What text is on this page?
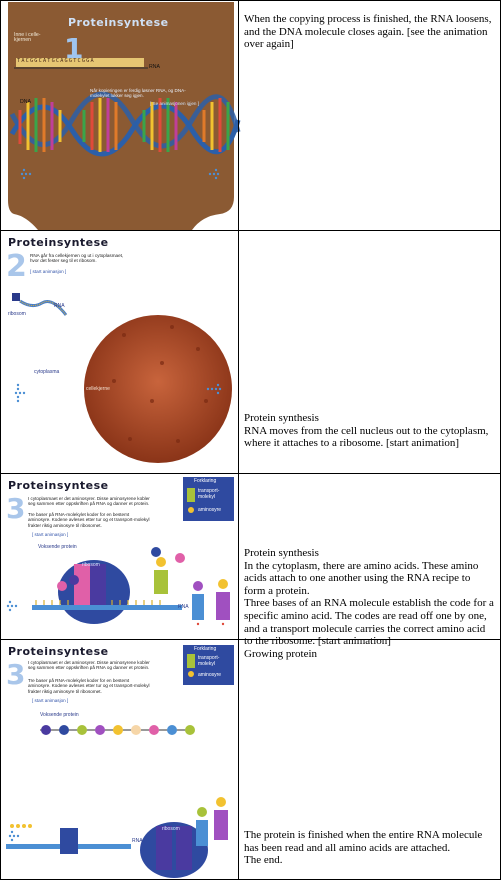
Proteinsyntese
1
Inne i celle-
kjernen
TACGGCATGCAGGTCGGA
RNA
DNA
Når kopieringen er ferdig løsner RNA, og DNA-
molekylet lukker seg igjen.
[ Se animasjonen igjen ]
When the copying process is finished, the RNA loosens, and the DNA molecule closes again. [see the animation over again]
Proteinsyntese
2 RNA går fra cellekjernen og ut i cytoplasmaet,
hvor det fester seg til et ribosom.
[ start animasjon ]
RNA
ribosom
cytoplasma
cellekjerne
Protein synthesis
RNA moves from the cell nucleus out to the cytoplasm, where it attaches to a ribosome. [start animation]
Proteinsyntese
3 I cytoplasmaet er det aminosyrer. Disse aminosyrene kobler
seg sammen etter oppskriften på RNA og danner et protein.
Tre baser på RNA-molekylet koder for en bestemt
aminosyre. Kodene avleses etter tur og et transport-molekyl
frakter riktig aminosyre til ribosomet.
[ start animasjon ]
Voksende protein
RNA
ribosom
Forklaring
transport-
molekyl
aminosyre
Protein synthesis
In the cytoplasm, there are amino acids. These amino acids attach to one another using the RNA recipe to form a protein.
Three bases of an RNA molecule establish the code for a specific amino acid. The codes are read off one by one, and a transport molecule carries the correct amino acid to the ribosome. [start animation]
Growing protein
Proteinsyntese
3 I cytoplasmaet er det aminosyrer. Disse aminosyrene kobler
seg sammen etter oppskriften på RNA og danner et protein.
Tre baser på RNA-molekylet koder for en bestemt
aminosyre. Kodene avleses etter tur og et transport-molekyl
frakter riktig aminosyre til ribosomet.
[ start animasjon ]
Voksende protein
RNA
ribosom
Forklaring
transport-
molekyl
aminosyre
The protein is finished when the entire RNA molecule has been read and all amino acids are attached.
The end.
